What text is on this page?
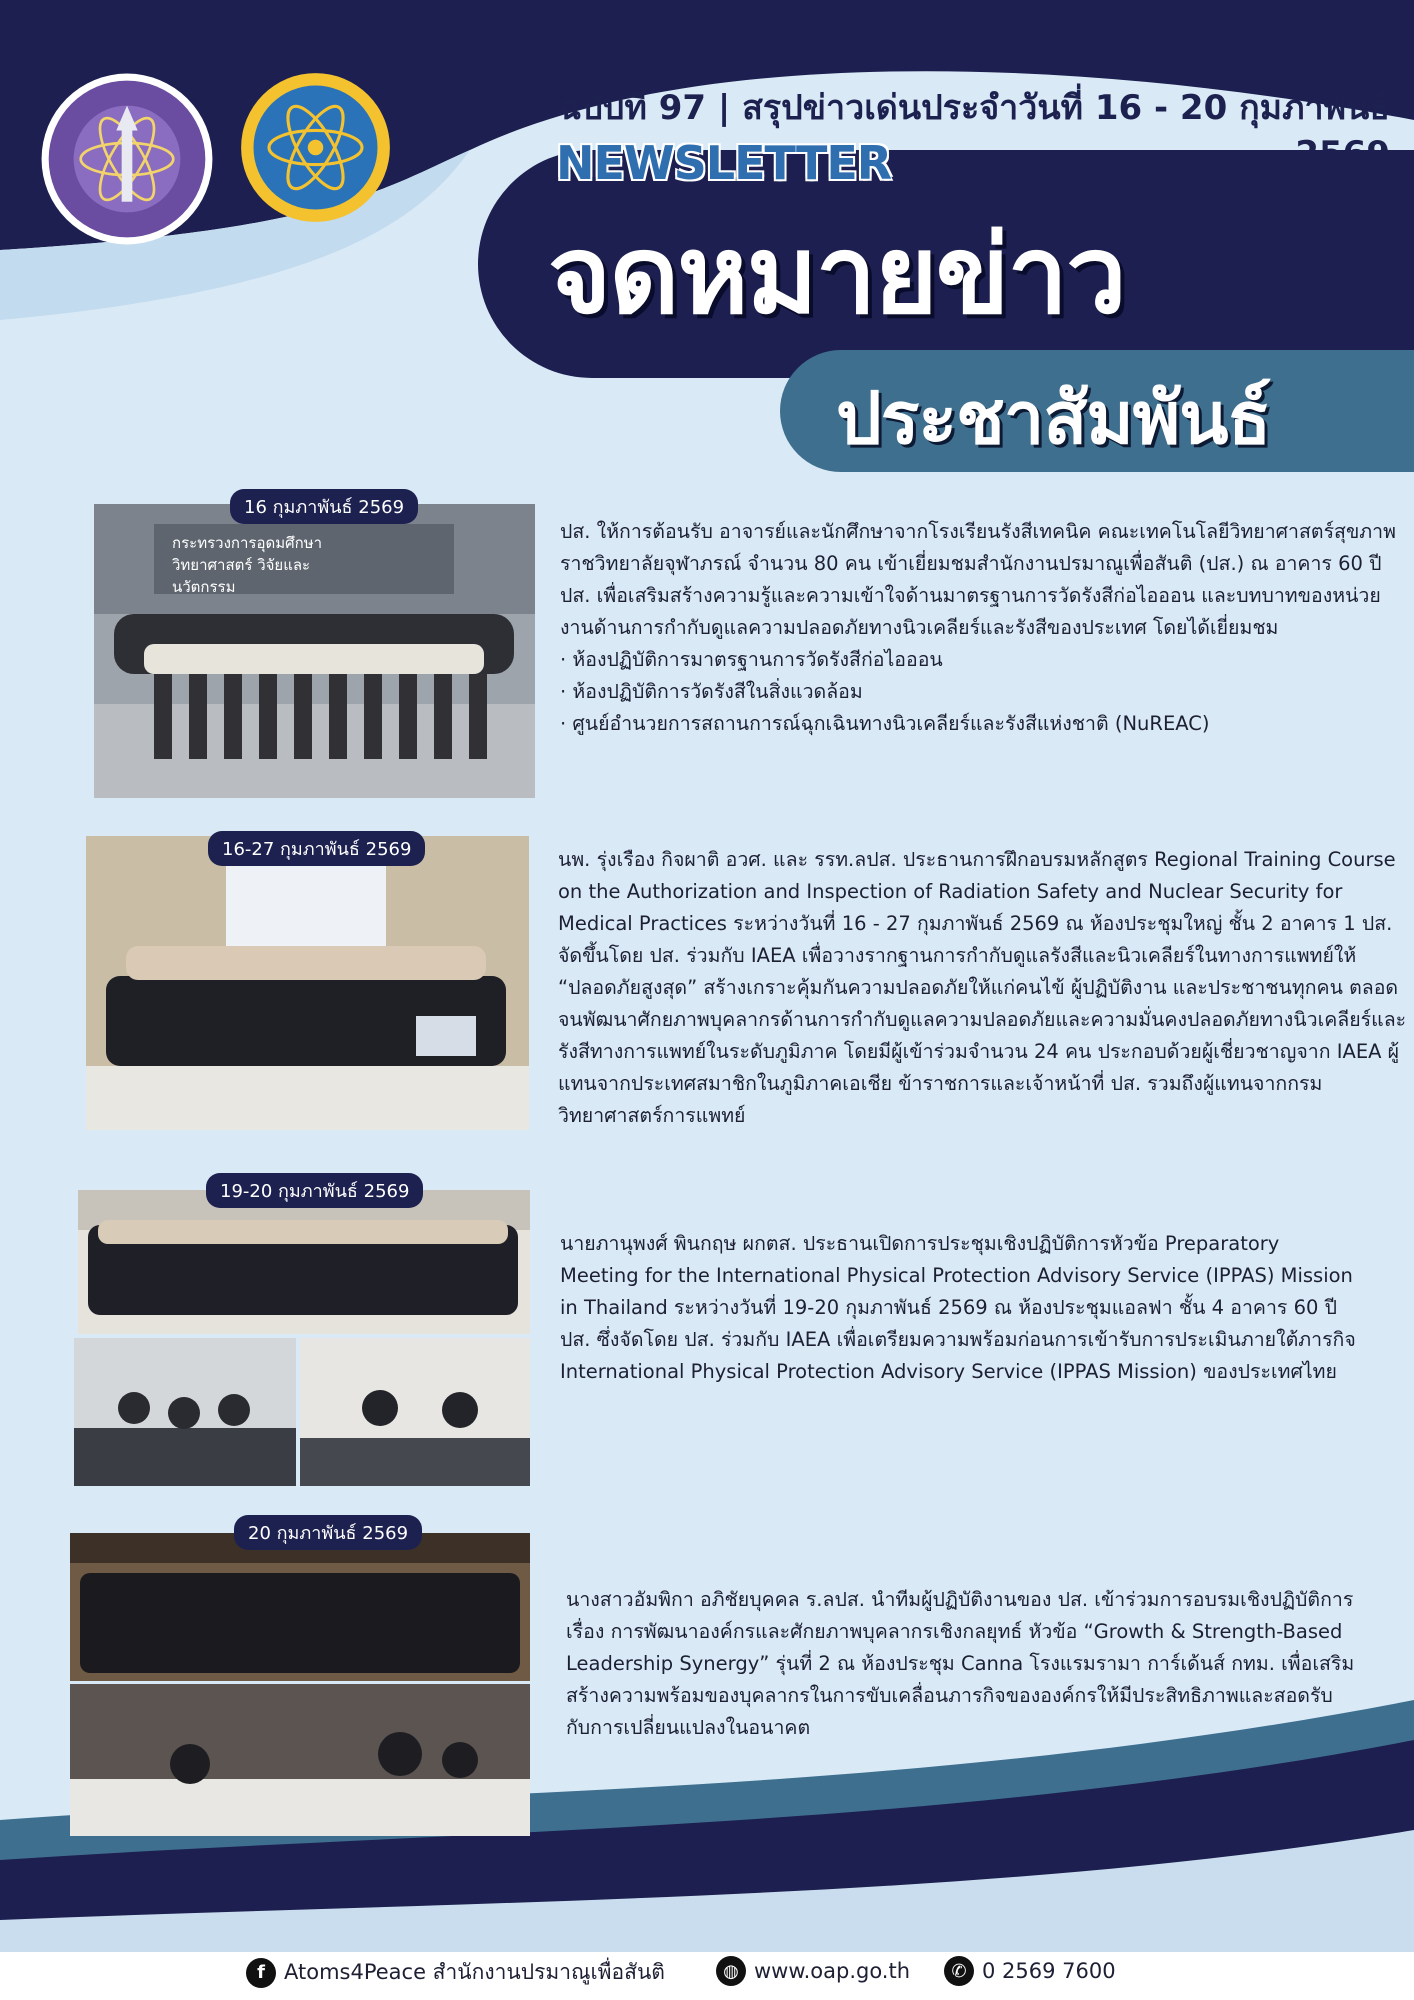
ฉบับที่ 97 | สรุปข่าวเด่นประจำวันที่ 16 - 20 กุมภาพันธ์
NEWSLETTER
จดหมายข่าว
ประชาสัมพันธ์
กระทรวงการอุดมศึกษา วิทยาศาสตร์ วิจัยและนวัตกรรม
16 กุมภาพันธ์ 2569

ปส. ให้การต้อนรับ อาจารย์และนักศึกษาจากโรงเรียนรังสีเทคนิค คณะเทคโนโลยีวิทยาศาสตร์สุขภาพ ราชวิทยาลัยจุฬาภรณ์ จำนวน 80 คน เข้าเยี่ยมชมสำนักงานปรมาณูเพื่อสันติ (ปส.) ณ อาคาร 60 ปี ปส. เพื่อเสริมสร้างความรู้และความเข้าใจด้านมาตรฐานการวัดรังสีก่อไอออน และบทบาทของหน่วยงานด้านการกำกับดูแลความปลอดภัยทางนิวเคลียร์และรังสีของประเทศ โดยได้เยี่ยมชม

· ห้องปฏิบัติการมาตรฐานการวัดรังสีก่อไอออน
· ห้องปฏิบัติการวัดรังสีในสิ่งแวดล้อม
· ศูนย์อำนวยการสถานการณ์ฉุกเฉินทางนิวเคลียร์และรังสีแห่งชาติ (NuREAC)
16-27 กุมภาพันธ์ 2569	นพ. รุ่งเรือง กิจผาติ อวศ. และ รรท.ลปส. ประธานการฝึกอบรมหลักสูตร Regional Training Course on the Authorization and Inspection of Radiation Safety and Nuclear Security for Medical Practices ระหว่างวันที่ 16 - 27 กุมภาพันธ์ 2569 ณ ห้องประชุมใหญ่ ชั้น 2 อาคาร 1 ปส. จัดขึ้นโดย ปส. ร่วมกับ IAEA เพื่อวางรากฐานการกำกับดูแลรังสีและนิวเคลียร์ในทางการแพทย์ให้ “ปลอดภัยสูงสุด” สร้างเกราะคุ้มกันความปลอดภัยให้แก่คนไข้ ผู้ปฏิบัติงาน และประชาชนทุกคน ตลอดจนพัฒนาศักยภาพบุคลากรด้านการกำกับดูแลความปลอดภัยและความมั่นคงปลอดภัยทางนิวเคลียร์และรังสีทางการแพทย์ในระดับภูมิภาค โดยมีผู้เข้าร่วมจำนวน 24 คน ประกอบด้วยผู้เชี่ยวชาญจาก IAEA ผู้แทนจากประเทศสมาชิกในภูมิภาคเอเชีย ข้าราชการและเจ้าหน้าที่ ปส. รวมถึงผู้แทนจากกรมวิทยาศาสตร์การแพทย์

19-20 กุมภาพันธ์ 2569

นายภานุพงศ์ พินกฤษ ผกตส. ประธานเปิดการประชุมเชิงปฏิบัติการหัวข้อ Preparatory Meeting for the International Physical Protection Advisory Service (IPPAS) Mission in Thailand ระหว่างวันที่ 19-20 กุมภาพันธ์ 2569 ณ ห้องประชุมแอลฟา ชั้น 4 อาคาร 60 ปี ปส. ซึ่งจัดโดย ปส. ร่วมกับ IAEA เพื่อเตรียมความพร้อมก่อนการเข้ารับการประเมินภายใต้ภารกิจ International Physical Protection Advisory Service (IPPAS Mission) ของประเทศไทย

20 กุมภาพันธ์ 2569

นางสาวอัมพิกา อภิชัยบุคคล ร.ลปส. นำทีมผู้ปฏิบัติงานของ ปส. เข้าร่วมการอบรมเชิงปฏิบัติการเรื่อง การพัฒนาองค์กรและศักยภาพบุคลากรเชิงกลยุทธ์ หัวข้อ “Growth & Strength-Based Leadership Synergy” รุ่นที่ 2 ณ ห้องประชุม Canna โรงแรมรามา การ์เด้นส์ กทม. เพื่อเสริมสร้างความพร้อมของบุคลากรในการขับเคลื่อนภารกิจขององค์กรให้มีประสิทธิภาพและสอดรับกับการเปลี่ยนแปลงในอนาคต

f Atoms4Peace สำนักงานปรมาณูเพื่อสันติ	◍ www.oap.go.th	✆ 0 2569 7600
